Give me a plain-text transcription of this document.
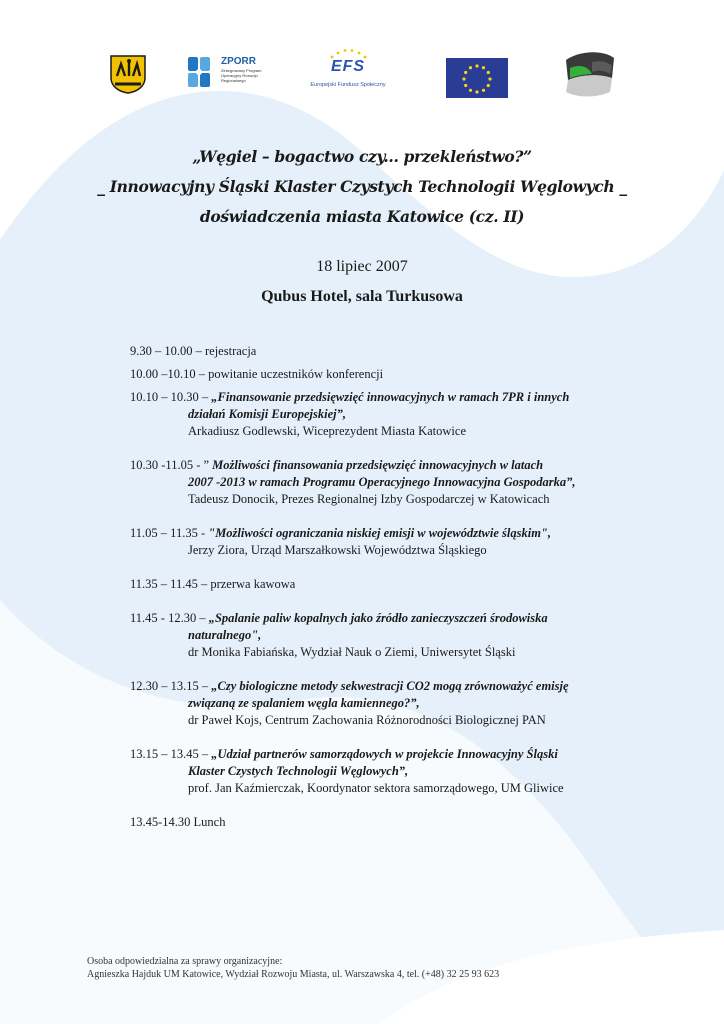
ZPORR
Zintegrowany Program Operacyjny Rozwoju Regionalnego
EFS
Europejski Fundusz Społeczny
„Węgiel – bogactwo czy... przekleństwo?”
_ Innowacyjny Śląski Klaster Czystych Technologii Węglowych _
doświadczenia miasta Katowice (cz. II)
18 lipiec 2007
Qubus Hotel, sala Turkusowa

9.30 – 10.00 – rejestracja

10.00 –10.10 – powitanie uczestników konferencji

10.10 – 10.30 – „Finansowanie przedsięwzięć innowacyjnych w ramach 7PR i innych

działań Komisji Europejskiej”,

Arkadiusz Godlewski, Wiceprezydent Miasta Katowice

10.30 -11.05 - ” Możliwości finansowania przedsięwzięć innowacyjnych w latach

2007 -2013 w ramach Programu Operacyjnego Innowacyjna Gospodarka”,

Tadeusz Donocik, Prezes Regionalnej Izby Gospodarczej w Katowicach

11.05 – 11.35 - "Możliwości ograniczania niskiej emisji w województwie śląskim",

Jerzy Ziora, Urząd Marszałkowski Województwa Śląskiego

11.35 – 11.45 – przerwa kawowa

11.45 - 12.30 – „Spalanie paliw kopalnych jako źródło zanieczyszczeń środowiska

naturalnego",

dr Monika Fabiańska, Wydział Nauk o Ziemi, Uniwersytet Śląski

12.30 – 13.15 – „Czy biologiczne metody sekwestracji CO2 mogą zrównoważyć emisję

związaną ze spalaniem węgla kamiennego?”,

dr Paweł Kojs, Centrum Zachowania Różnorodności Biologicznej PAN

13.15 – 13.45 – „Udział partnerów samorządowych w projekcie Innowacyjny Śląski

Klaster Czystych Technologii Węglowych”,

prof. Jan Kaźmierczak, Koordynator sektora samorządowego, UM Gliwice

13.45-14.30 Lunch

Osoba odpowiedzialna za sprawy organizacyjne:
Agnieszka Hajduk UM Katowice, Wydział Rozwoju Miasta, ul. Warszawska 4, tel. (+48) 32 25 93 623
